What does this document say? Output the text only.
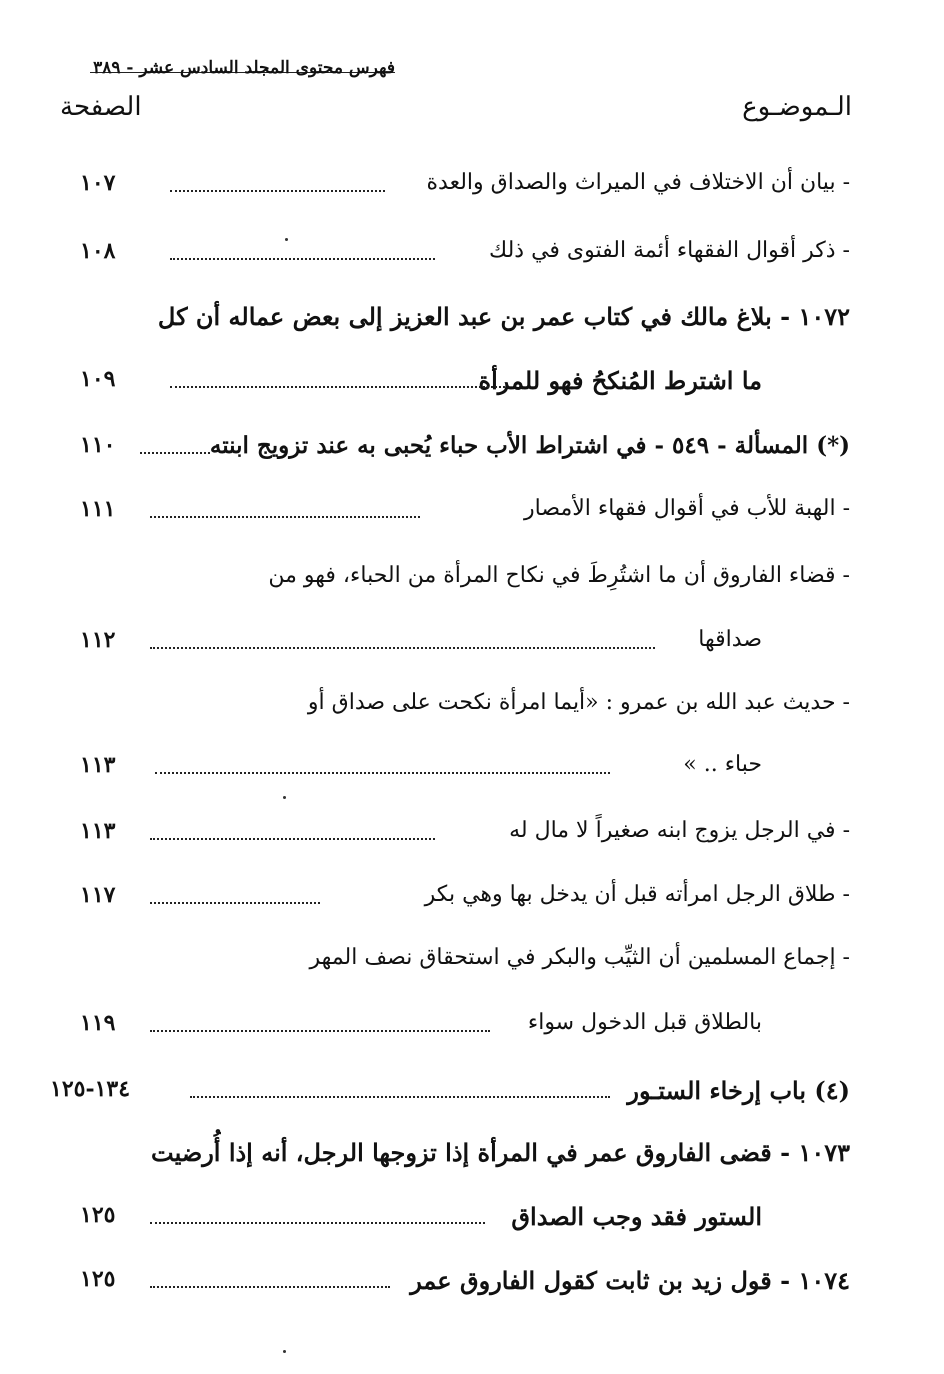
فهرس محتوى المجلد السادس عشر - ٣٨٩
الـموضـوع
الصفحة
- بيان أن الاختلاف في الميراث والصداق والعدة
١٠٧
- ذكر أقوال الفقهاء أئمة الفتوى في ذلك
١٠٨
١٠٧٢ - بلاغ مالك في كتاب عمر بن عبد العزيز إلى بعض عماله أن كل
ما اشترط المُنكحُ فهو للمرأة
١٠٩
(*) المسألة - ٥٤٩ - في اشتراط الأب حباء يُحبى به عند تزويج ابنته
١١٠
- الهبة للأب في أقوال فقهاء الأمصار
١١١
- قضاء الفاروق أن ما اشتُرِطَ في نكاح المرأة من الحباء، فهو من
صداقها
١١٢
- حديث عبد الله بن عمرو : «أيما امرأة نكحت على صداق أو
حباء .. »
١١٣
- في الرجل يزوج ابنه صغيراً لا مال له
١١٣
- طلاق الرجل امرأته قبل أن يدخل بها وهي بكر
١١٧
- إجماع المسلمين أن الثيِّب والبكر في استحقاق نصف المهر
بالطلاق قبل الدخول سواء
١١٩
(٤) باب إرخاء الستـور
١٣٤-١٢٥
١٠٧٣ - قضى الفاروق عمر في المرأة إذا تزوجها الرجل، أنه إذا أُرضيت
الستور فقد وجب الصداق
١٢٥
١٠٧٤ - قول زيد بن ثابت كقول الفاروق عمر
١٢٥
